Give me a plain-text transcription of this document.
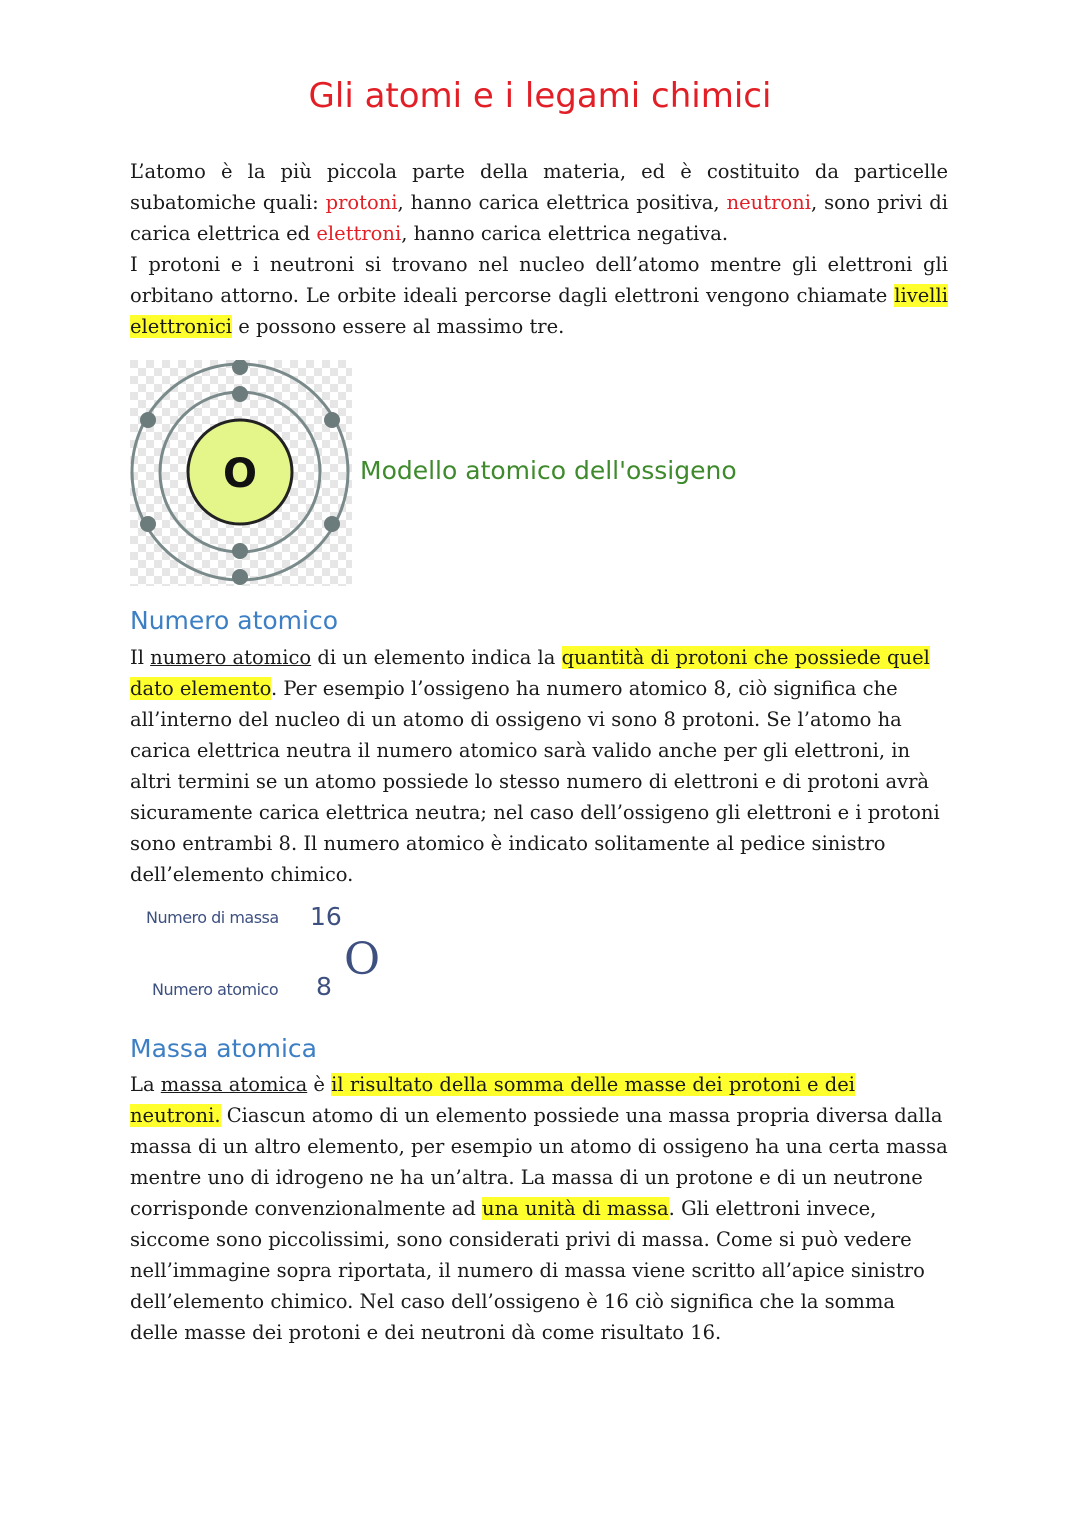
Gli atomi e i legami chimici

L’atomo è la più piccola parte della materia, ed è costituito da particelle subatomiche quali: protoni, hanno carica elettrica positiva, neutroni, sono privi di carica elettrica ed elettroni, hanno carica elettrica negativa.

I protoni e i neutroni si trovano nel nucleo dell’atomo mentre gli elettroni gli orbitano attorno. Le orbite ideali percorse dagli elettroni vengono chiamate livelli elettronici e possono essere al massimo tre.

O	Modello atomico dell'ossigeno
Numero atomico

Il numero atomico di un elemento indica la quantità di protoni che possiede quel dato elemento. Per esempio l’ossigeno ha numero atomico 8, ciò significa che all’interno del nucleo di un atomo di ossigeno vi sono 8 protoni. Se l’atomo ha carica elettrica neutra il numero atomico sarà valido anche per gli elettroni, in altri termini se un atomo possiede lo stesso numero di elettroni e di protoni avrà sicuramente carica elettrica neutra; nel caso dell’ossigeno gli elettroni e i protoni sono entrambi 8. Il numero atomico è indicato solitamente al pedice sinistro dell’elemento chimico.

Numero di massa 16
Numero atomico 8
O
Massa atomica

La massa atomica è il risultato della somma delle masse dei protoni e dei neutroni. Ciascun atomo di un elemento possiede una massa propria diversa dalla massa di un altro elemento, per esempio un atomo di ossigeno ha una certa massa mentre uno di idrogeno ne ha un’altra. La massa di un protone e di un neutrone corrisponde convenzionalmente ad una unità di massa. Gli elettroni invece, siccome sono piccolissimi, sono considerati privi di massa. Come si può vedere nell’immagine sopra riportata, il numero di massa viene scritto all’apice sinistro dell’elemento chimico. Nel caso dell’ossigeno è 16 ciò significa che la somma delle masse dei protoni e dei neutroni dà come risultato 16.
